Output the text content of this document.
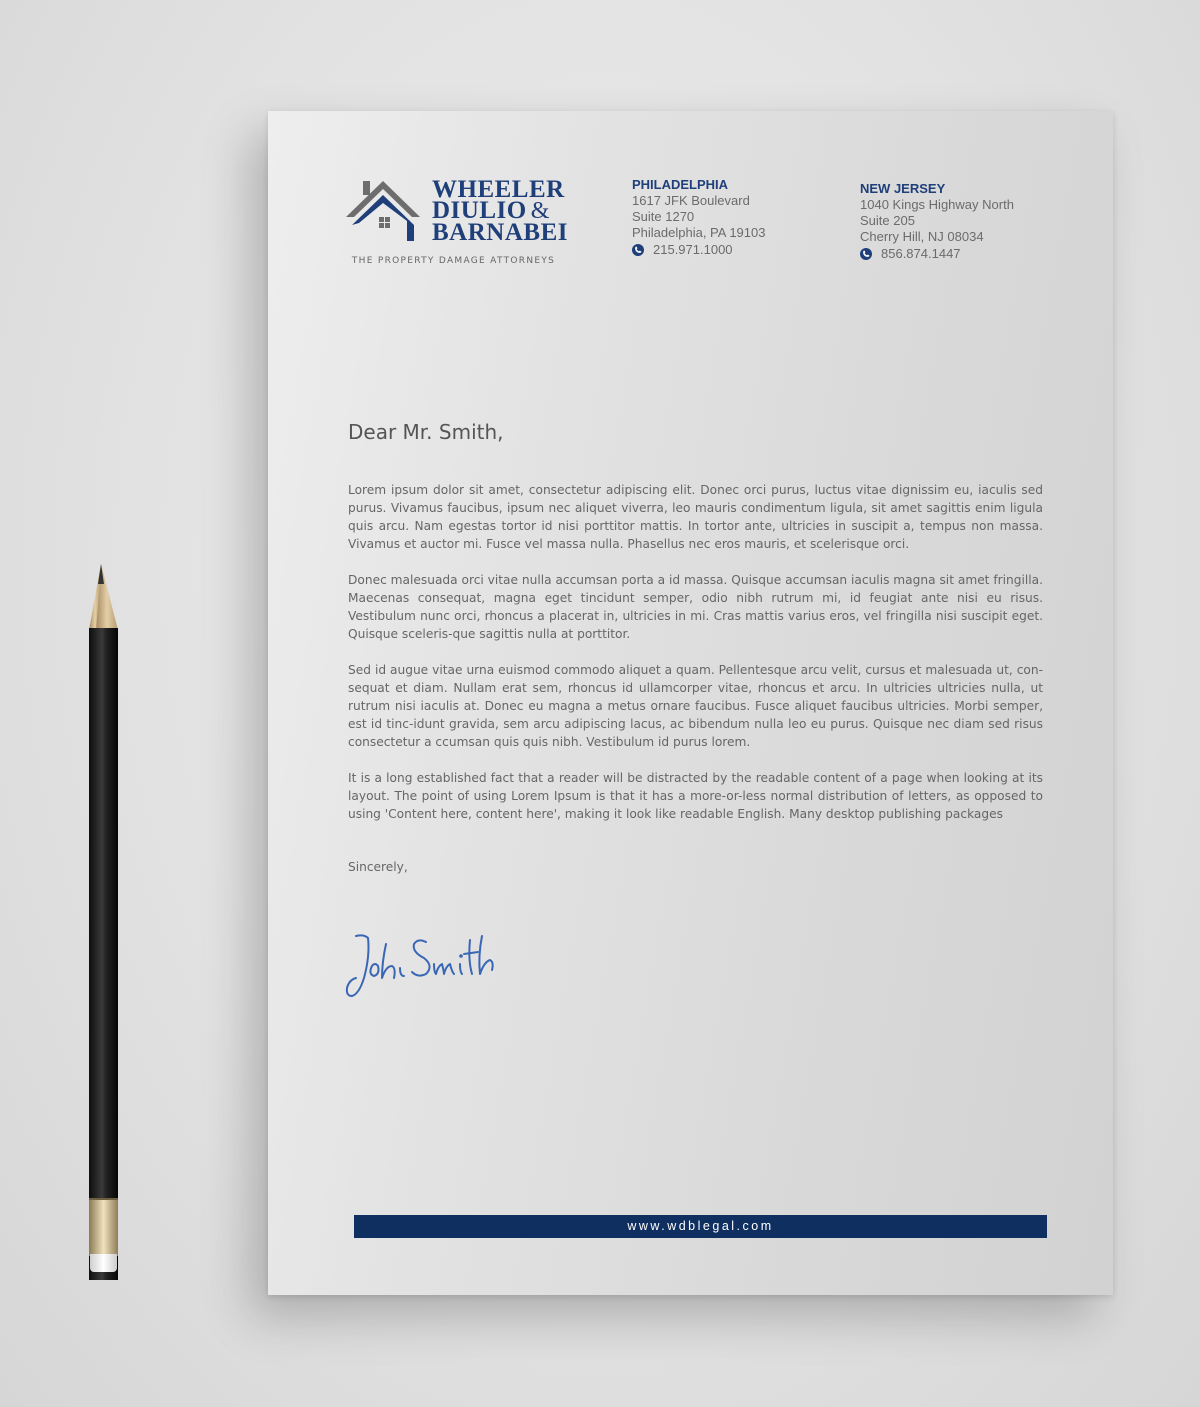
WHEELER
DIULIO &
BARNABEI
THE PROPERTY DAMAGE ATTORNEYS
PHILADELPHIA
1617 JFK Boulevard
Suite 1270
Philadelphia, PA 19103
215.971.1000
NEW JERSEY
1040 Kings Highway North
Suite 205
Cherry Hill, NJ 08034
856.874.1447
Dear Mr. Smith,

Lorem ipsum dolor sit amet, consectetur adipiscing elit. Donec orci purus, luctus vitae dignissim eu, iaculis sed purus. Vivamus faucibus, ipsum nec aliquet viverra, leo mauris condimentum ligula, sit amet sagittis enim ligula quis arcu. Nam egestas tortor id nisi porttitor mattis. In tortor ante, ultricies in suscipit a, tempus non massa. Vivamus et auctor mi. Fusce vel massa nulla. Phasellus nec eros mauris, et scelerisque orci.

Donec malesuada orci vitae nulla accumsan porta a id massa. Quisque accumsan iaculis magna sit amet fringilla. Maecenas consequat, magna eget tincidunt semper, odio nibh rutrum mi, id feugiat ante nisi eu risus. Vestibulum nunc orci, rhoncus a placerat in, ultricies in mi. Cras mattis varius eros, vel fringilla nisi suscipit eget. Quisque sceleris-que sagittis nulla at porttitor.

Sed id augue vitae urna euismod commodo aliquet a quam. Pellentesque arcu velit, cursus et malesuada ut, con-sequat et diam. Nullam erat sem, rhoncus id ullamcorper vitae, rhoncus et arcu. In ultricies ultricies nulla, ut rutrum nisi iaculis at. Donec eu magna a metus ornare faucibus. Fusce aliquet faucibus ultricies. Morbi semper, est id tinc-idunt gravida, sem arcu adipiscing lacus, ac bibendum nulla leo eu purus. Quisque nec diam sed risus consectetur a ccumsan quis quis nibh. Vestibulum id purus lorem.

It is a long established fact that a reader will be distracted by the readable content of a page when looking at its layout. The point of using Lorem Ipsum is that it has a more-or-less normal distribution of letters, as opposed to using 'Content here, content here', making it look like readable English. Many desktop publishing packages

Sincerely,
www.wdblegal.com
